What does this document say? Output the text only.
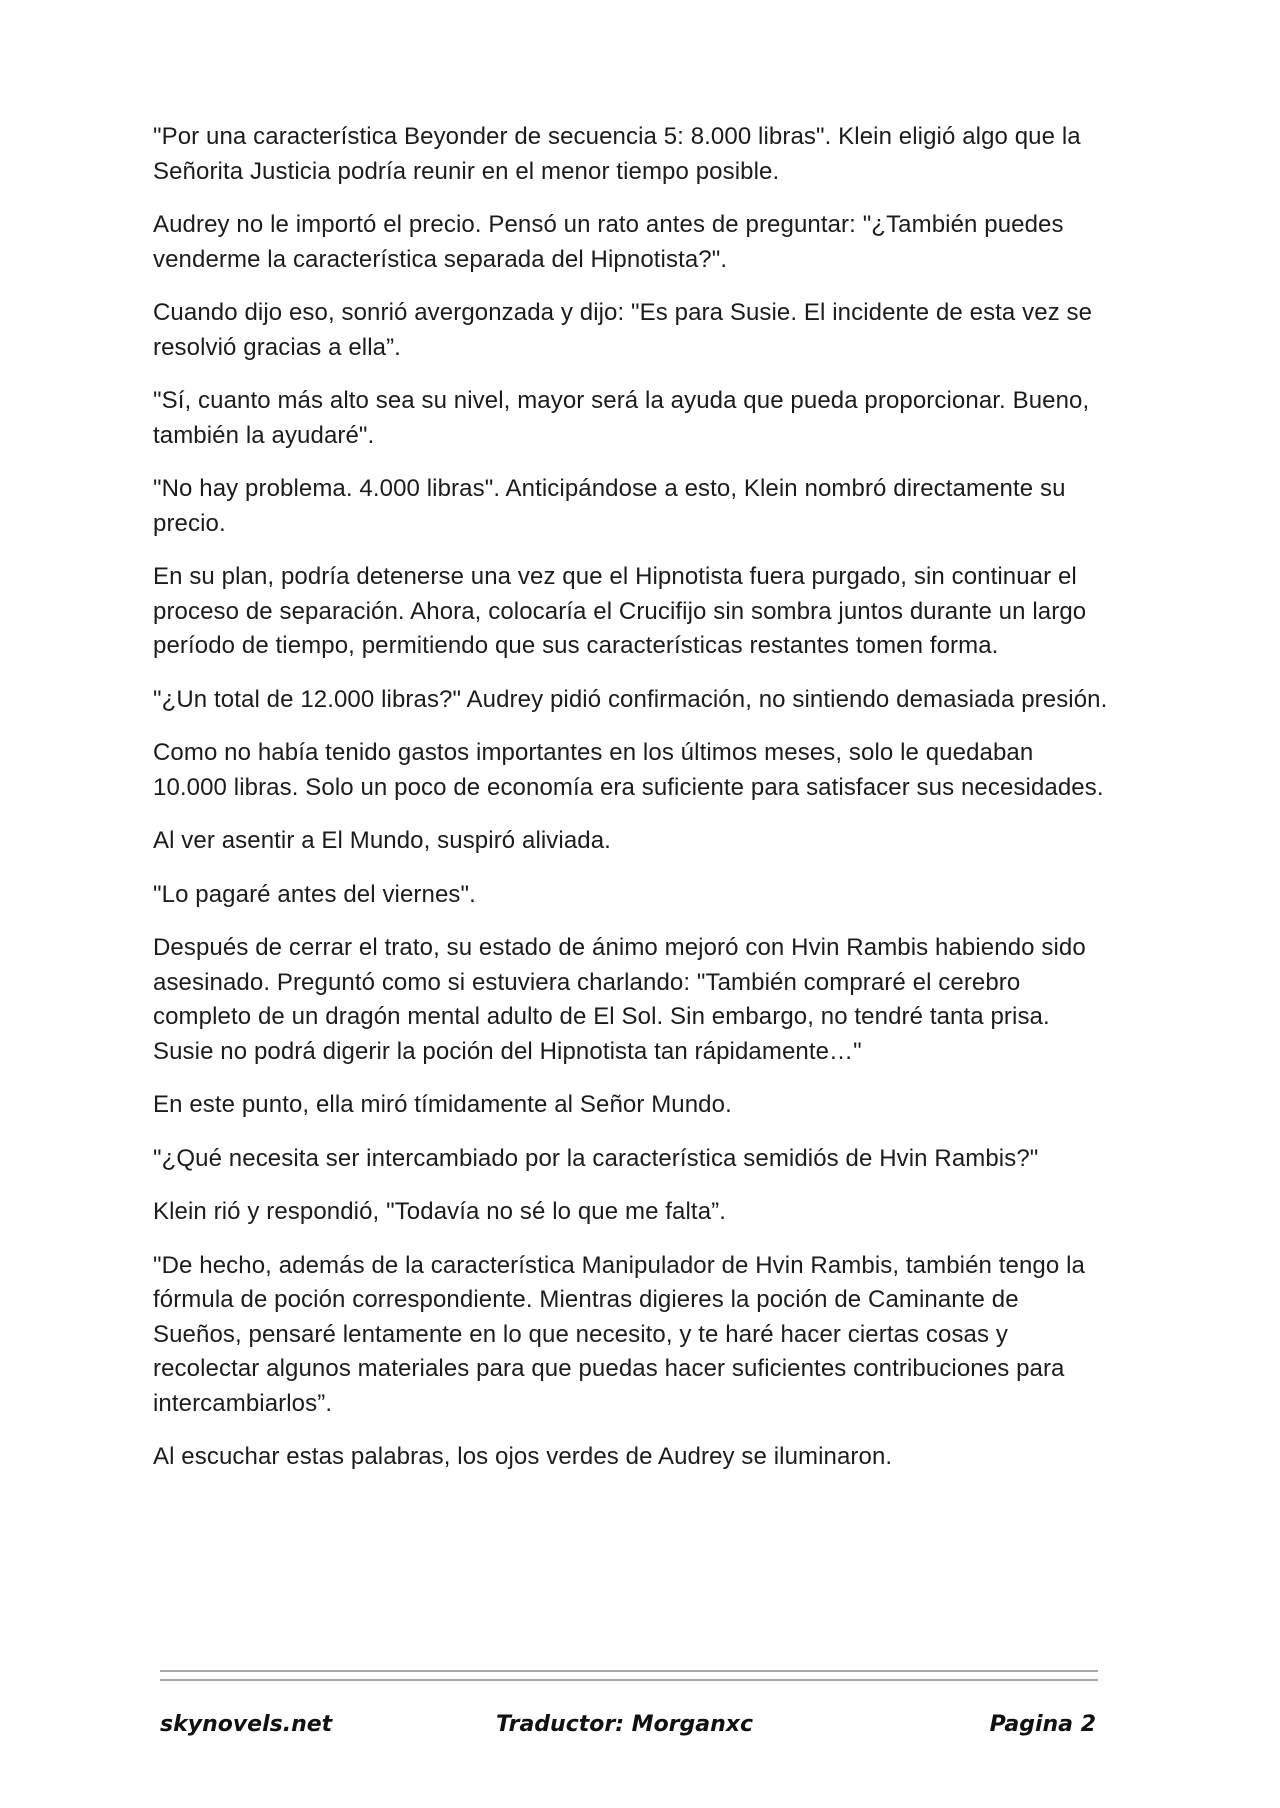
"Por una característica Beyonder de secuencia 5: 8.000 libras". Klein eligió algo que la Señorita Justicia podría reunir en el menor tiempo posible.

Audrey no le importó el precio. Pensó un rato antes de preguntar: "¿También puedes venderme la característica separada del Hipnotista?".

Cuando dijo eso, sonrió avergonzada y dijo: "Es para Susie. El incidente de esta vez se resolvió gracias a ella”.

"Sí, cuanto más alto sea su nivel, mayor será la ayuda que pueda proporcionar. Bueno, también la ayudaré".

"No hay problema. 4.000 libras". Anticipándose a esto, Klein nombró directamente su precio.

En su plan, podría detenerse una vez que el Hipnotista fuera purgado, sin continuar el proceso de separación. Ahora, colocaría el Crucifijo sin sombra juntos durante un largo período de tiempo, permitiendo que sus características restantes tomen forma.

"¿Un total de 12.000 libras?" Audrey pidió confirmación, no sintiendo demasiada presión.

Como no había tenido gastos importantes en los últimos meses, solo le quedaban 10.000 libras. Solo un poco de economía era suficiente para satisfacer sus necesidades.

Al ver asentir a El Mundo, suspiró aliviada.

"Lo pagaré antes del viernes".

Después de cerrar el trato, su estado de ánimo mejoró con Hvin Rambis habiendo sido asesinado. Preguntó como si estuviera charlando: "También compraré el cerebro completo de un dragón mental adulto de El Sol. Sin embargo, no tendré tanta prisa. Susie no podrá digerir la poción del Hipnotista tan rápidamente…"

En este punto, ella miró tímidamente al Señor Mundo.

"¿Qué necesita ser intercambiado por la característica semidiós de Hvin Rambis?"

Klein rió y respondió, "Todavía no sé lo que me falta”.

"De hecho, además de la característica Manipulador de Hvin Rambis, también tengo la fórmula de poción correspondiente. Mientras digieres la poción de Caminante de Sueños, pensaré lentamente en lo que necesito, y te haré hacer ciertas cosas y recolectar algunos materiales para que puedas hacer suficientes contribuciones para intercambiarlos”.

Al escuchar estas palabras, los ojos verdes de Audrey se iluminaron.

skynovels.net	Traductor: Morganxc	Pagina 2
